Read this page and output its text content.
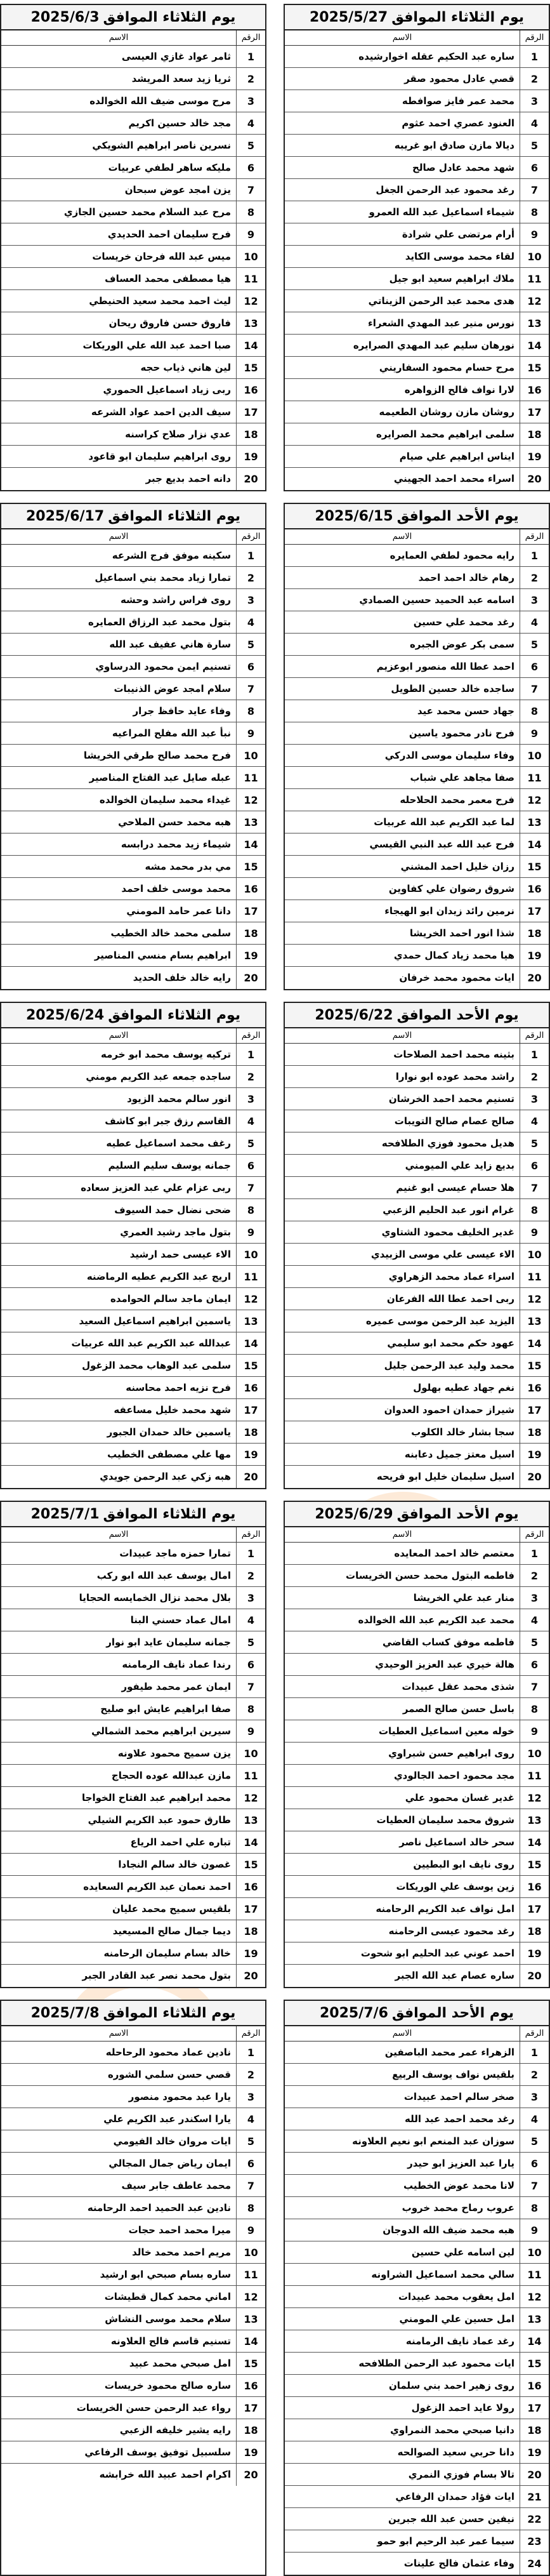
يوم الثلاثاء الموافق
2025/6/3
الرقم
الاسم
1
ثامر عواد غازي العيسى
2
ثريا زيد سعد المريشد
3
مرح موسى ضيف الله الخوالده
4
مجد خالد حسين اكريم
5
نسرين ناصر ابراهيم الشويكي
6
مليكه ساهر لطفي عربيات
7
يزن امجد عوض سبحان
8
مرح عبد السلام محمد حسين الجازي
9
فرح سليمان احمد الحديدي
10
ميس عبد الله فرحان خريسات
11
هيا مصطفى محمد العساف
12
ليث احمد محمد سعيد الحنيطي
13
فاروق حسن فاروق ريحان
14
صبا احمد عبد الله علي الوريكات
15
لين هاني ذياب حجه
16
ربى زياد اسماعيل الحموري
17
سيف الدين احمد عواد الشرعه
18
عدي نزار صلاح كراسنه
19
روى ابراهيم سليمان ابو قاعود
20
دانه احمد بديع جبر
يوم الثلاثاء الموافق
2025/5/27
الرقم
الاسم
1
ساره عبد الحكيم عقله اخوارشيده
2
قصي عادل محمود صقر
3
محمد عمر فايز صوافطه
4
العنود عصري احمد عثوم
5
ديالا مازن صادق ابو غريبه
6
شهد محمد عادل صالح
7
رغد محمود عبد الرحمن الجغل
8
شيماء اسماعيل عبد الله العمرو
9
أرام مرتضى علي شرادة
10
لقاء محمد موسى الكايد
11
ملاك ابراهيم سعيد ابو جيل
12
هدى محمد عبد الرحمن الزيناتي
13
نورس منير عبد المهدي الشعراء
14
نورهان سليم عبد المهدي الصرايره
15
مرح حسام محمود السفاريني
16
لارا نواف فالح الزواهره
17
روشان مازن روشان الطعيمه
18
سلمى ابراهيم محمد الصرايره
19
ايناس ابراهيم علي صيام
20
اسراء محمد احمد الجهيني
يوم الثلاثاء الموافق
2025/6/17
الرقم
الاسم
1
سكينه موفق فرج الشرعه
2
تمارا زياد محمد بني اسماعيل
3
روى فراس راشد وحشه
4
بتول محمد عبد الرزاق العمايره
5
سارة هاني عفيف عبد الله
6
تسنيم ايمن محمود الدرساوي
7
سلام امجد عوض الذنيبات
8
وفاء عايد حافظ جرار
9
نبأ عبد الله مفلح المراعيه
10
فرح محمد صالح طرقي الخريشا
11
عبله صايل عبد الفتاح المناصير
12
غيداء محمد سليمان الخوالده
13
هبه محمد حسن الملاحي
14
شيماء زيد محمد درابسه
15
مي بدر محمد مشه
16
محمد موسى خلف احمد
17
دانا عمر حامد المومني
18
سلمى محمد خالد الخطيب
19
ابراهيم بسام منسي المناصير
20
رايه خالد خلف الحديد
يوم الأحد الموافق
2025/6/15
الرقم
الاسم
1
رايه محمود لطفي العمايره
2
رهام خالد احمد احمد
3
اسامه عبد الحميد حسين الصمادي
4
رغد محمد علي حسين
5
سمى بكر عوض الجبره
6
احمد عطا الله منصور ابوعزيم
7
ساجده خالد حسين الطويل
8
جهاد حسن محمد عيد
9
فرح نادر محمود ياسين
10
وفاء سليمان موسى الدركي
11
صفا مجاهد علي شباب
12
فرح معمر محمد الحلاحله
13
لما عبد الكريم عبد الله عربيات
14
فرح عبد الله عبد النبي القيسي
15
رزان خليل احمد المشني
16
شروق رضوان علي كفاوين
17
نرمين رائد زيدان ابو الهيجاء
18
شذا انور احمد الخريشا
19
هيا محمد زياد كمال حمدي
20
ايات محمود محمد خرفان
يوم الثلاثاء الموافق
2025/6/24
الرقم
الاسم
1
تركيه يوسف محمد ابو خرمه
2
ساجده جمعه عبد الكريم مومني
3
انور سالم محمد الزيود
4
القاسم رزق جبر ابو كاشف
5
رغف محمد اسماعيل عطيه
6
جمانه يوسف سليم السليم
7
ربى عزام علي عبد العزيز سعاده
8
ضحى نضال حمد السيوف
9
بتول ماجد رشيد العمري
10
الاء عيسى حمد ارشيد
11
اريج عبد الكريم عطيه الرماضنه
12
ايمان ماجد سالم الحوامده
13
ياسمين ابراهيم اسماعيل السعيد
14
عبدالله عبد الكريم عبد الله عربيات
15
سلمى عبد الوهاب محمد الزغول
16
فرح نزيه احمد محاسنه
17
شهد محمد خليل مساعفه
18
ياسمين خالد حمدان الجبور
19
مها علي مصطفى الخطيب
20
هبه زكي عبد الرحمن جويدي
يوم الأحد الموافق
2025/6/22
الرقم
الاسم
1
بثينه محمد احمد الصلاحات
2
راشد محمد عوده ابو نوارا
3
تسنيم محمد احمد الخرشان
4
صالح عصام صالح التويبات
5
هديل محمود فوزي الطلافحه
6
بديع زايد علي الميومني
7
هلا حسام عيسى ابو غنيم
8
غرام انور عبد الحليم الزعبي
9
غدير الخليف محمود الشتاوي
10
الاء عيسى علي موسى الزبيدي
11
اسراء عماد محمد الزهراوي
12
ربى احمد عطا الله الفرعان
13
اليزيد عبد الرحمن موسى عميره
14
عهود حكم محمد ابو سليمي
15
محمد وليد عبد الرحمن جليل
16
نغم جهاد عطيه بهلول
17
شيراز حمدان احمود العدوان
18
سجا بشار خالد الكلوب
19
اسيل معتز جميل دعابنه
20
اسيل سليمان خليل ابو فريحه
يوم الثلاثاء الموافق
2025/7/1
الرقم
الاسم
1
تمارا حمزه ماجد عبيدات
2
امال يوسف عبد الله ابو ركب
3
بلال محمد نزال الخمايسه الحجايا
4
امال عماد حسني البنا
5
جمانه سليمان عايد ابو نوار
6
رندا عماد نايف الرمامنه
7
ايمان عمر محمد طيفور
8
صفا ابراهيم عايش ابو صليح
9
سيرين ابراهيم محمد الشمالي
10
يزن سميح محمود علاونه
11
مازن عبدالله عوده الحجاج
12
محمد ابراهيم عبد الفتاح الخواجا
13
طارق حمود عبد الكريم الشيلي
14
تباره علي احمد الرياع
15
غصون خالد سالم النجادا
16
احمد نعمان عبد الكريم السعايده
17
بلقيس سميح محمد عليان
18
ديما جمال صالح المسيعيد
19
خالد بسام سليمان الرحامنه
20
بتول محمد نصر عبد القادر الجبر
يوم الأحد الموافق
2025/6/29
الرقم
الاسم
1
معتصم خالد احمد المعايده
2
فاطمه البتول محمد حسن الخريسات
3
منار عبد علي الخريشا
4
محمد عبد الكريم عبد الله الخوالده
5
فاطمه موفق كساب القاضي
6
هالة خيري عبد العزيز الوحيدي
7
شذى محمد عقل عبيدات
8
باسل حسن صالح الصمر
9
خوله معين اسماعيل العطيات
10
روى ابراهيم حسن شبراوي
11
مجد محمود احمد الجالودي
12
غدير غسان محمود علي
13
شروق محمد سليمان العطيات
14
سحر خالد اسماعيل ناصر
15
روى نايف ابو البطيين
16
زين يوسف علي الوريكات
17
امل نواف عبد الكريم الرحامنه
18
رغد محمود عيسى الرحامنه
19
احمد عوني عبد الحليم ابو شحوت
20
ساره عصام عبد الله الجبر
يوم الثلاثاء الموافق
2025/7/8
الرقم
الاسم
1
نادين عماد محمود الرحاحله
2
قصي حسن سلمي الشوره
3
يارا عبد محمود منصور
4
يارا اسكندر عبد الكريم علي
5
ايات مروان خالد الفيومي
6
ايمان رياض جمال المجالي
7
محمد عاطف جابر سيف
8
نادين عبد الحميد احمد الرحامنه
9
ميرا محمد احمد حجات
10
مريم احمد محمد خالد
11
ساره بسام صبحي ابو ارشيد
12
اماني محمد كمال قطيشات
13
سلام محمد موسى النشاش
14
تسنيم قاسم فالح العلاونه
15
امل صبحي محمد عبيد
16
ساره صالح محمود خريسات
17
رواء عبد الرحمن حسن الخريسات
18
رايه يشير خليفه الزعبي
19
سلسبيل توفيق يوسف الرفاعي
20
اكرام احمد عبيد الله خرابشه
يوم الأحد الموافق
2025/7/6
الرقم
الاسم
1
الزهراء عمر محمد الباصفين
2
بلقيس نواف يوسف الربيع
3
صخر سالم احمد عبيدات
4
رغد محمد احمد عبد الله
5
سوزان عبد المنعم ابو نعيم العلاونه
6
يارا عبد العزيز ابو حيدر
7
لانا محمد عوض الخطيب
8
عروب رماح محمد خروب
9
هبه محمد ضيف الله الدوجان
10
لين اسامه علي حسين
11
سالي محمد اسماعيل الشراونه
12
امل يعقوب محمد عبيدات
13
امل حسين علي المومني
14
رغد عماد نايف الرمامنه
15
ايات محمود عبد الرحمن الطلافحه
16
روى زهير احمد بني سلمان
17
رولا عايد احمد الزغول
18
دانيا صبحي محمد النمراوي
19
دانا حربي سعيد الصوالحه
20
تالا بسام فوزي النمري
21
ايات فؤاد حمدان الرفاعي
22
نيفين حسن عبد الله جبرين
23
سيما عمر عبد الرحيم ابو حمو
24
وفاء عثمان فالح علينات
